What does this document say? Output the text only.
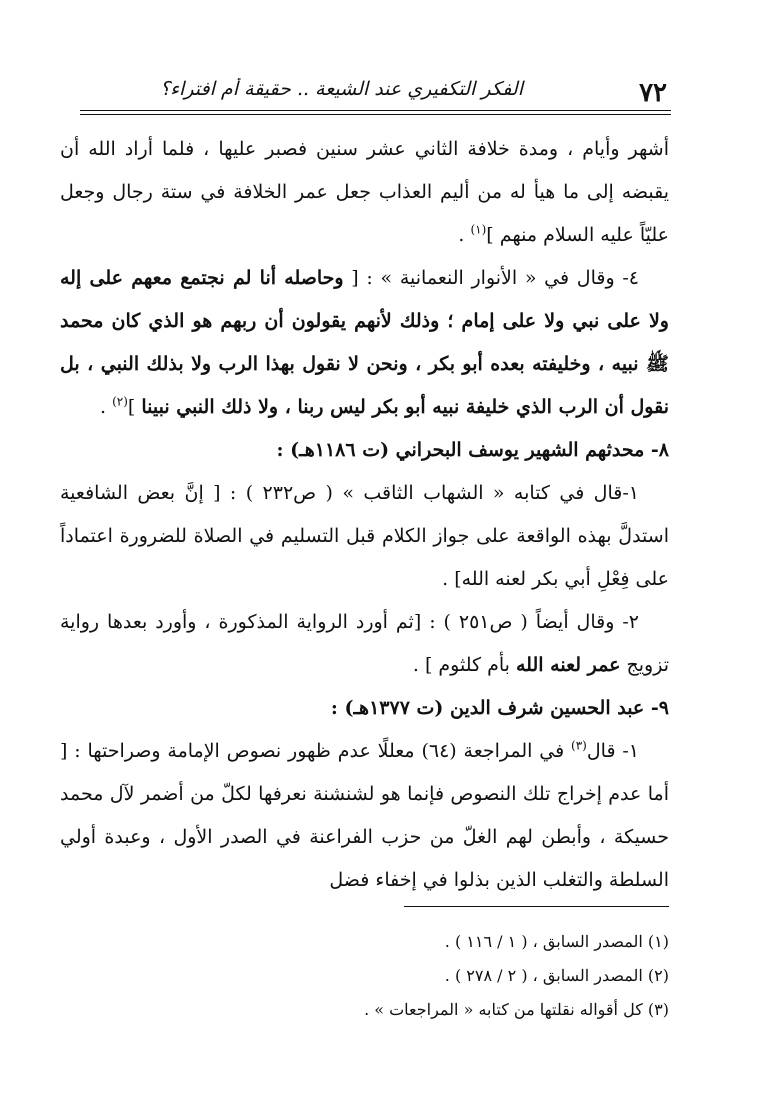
٧٢
الفكر التكفيري عند الشيعة .. حقيقة أم افتراء؟

أشهر وأيام ، ومدة خلافة الثاني عشر سنين فصبر عليها ، فلما أراد الله أن يقبضه إلى ما هيأ له من أليم العذاب جعل عمر الخلافة في ستة رجال وجعل عليّاً عليه السلام منهم ]$^{(١)}$ .

٤- وقال في « الأنوار النعمانية » : [ وحاصله أنا لم نجتمع معهم على إله ولا على نبي ولا على إمام ؛ وذلك لأنهم يقولون أن ربهم هو الذي كان محمد ﷺ نبيه ، وخليفته بعده أبو بكر ، ونحن لا نقول بهذا الرب ولا بذلك النبي ، بل نقول أن الرب الذي خليفة نبيه أبو بكر ليس ربنا ، ولا ذلك النبي نبينا ]$^{(٢)}$ .

٨- محدثهم الشهير يوسف البحراني (ت ١١٨٦هـ) :

١-قال في كتابه « الشهاب الثاقب » ( ص٢٣٢ ) : [ إنَّ بعض الشافعية استدلَّ بهذه الواقعة على جواز الكلام قبل التسليم في الصلاة للضرورة اعتماداً على فِعْلِ أبي بكر لعنه الله] .

٢- وقال أيضاً ( ص٢٥١ ) : [ثم أورد الرواية المذكورة ، وأورد بعدها رواية تزويج عمر لعنه الله بأم كلثوم ] .

٩- عبد الحسين شرف الدين (ت ١٣٧٧هـ) :

١- قال$^{(٣)}$ في المراجعة (٦٤) معللًا عدم ظهور نصوص الإمامة وصراحتها : [ أما عدم إخراج تلك النصوص فإنما هو لشنشنة نعرفها لكلّ من أضمر لآل محمد حسيكة ، وأبطن لهم الغلّ من حزب الفراعنة في الصدر الأول ، وعبدة أولي السلطة والتغلب الذين بذلوا في إخفاء فضل

(١) المصدر السابق ، ( ١ / ١١٦ ) .

(٢) المصدر السابق ، ( ٢ / ٢٧٨ ) .

(٣) كل أقواله نقلتها من كتابه « المراجعات » .
